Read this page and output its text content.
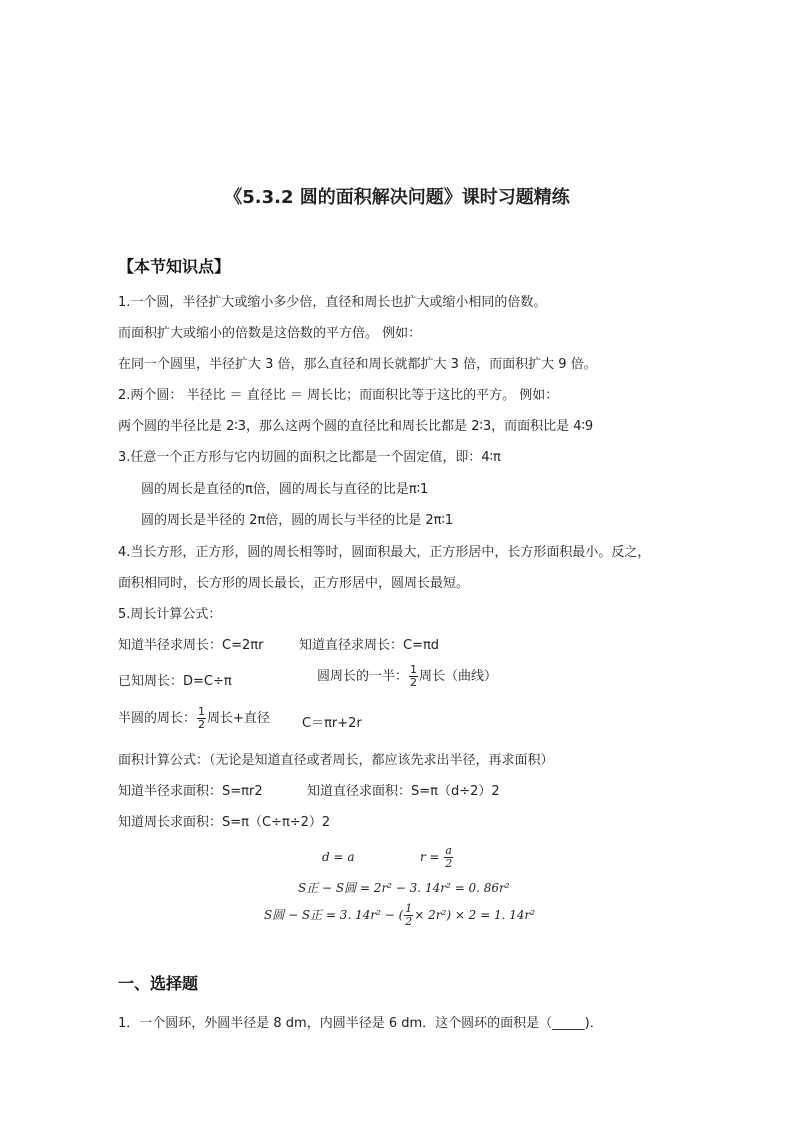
《5.3.2 圆的面积解决问题》课时习题精练
【本节知识点】
1.一个圆，半径扩大或缩小多少倍，直径和周长也扩大或缩小相同的倍数。
而面积扩大或缩小的倍数是这倍数的平方倍。 例如：
在同一个圆里，半径扩大 3 倍，那么直径和周长就都扩大 3 倍，而面积扩大 9 倍。
2.两个圆： 半径比 ＝ 直径比 ＝ 周长比；而面积比等于这比的平方。 例如：
两个圆的半径比是 2∶3，那么这两个圆的直径比和周长比都是 2∶3，而面积比是 4∶9
3.任意一个正方形与它内切圆的面积之比都是一个固定值，即：4∶π
圆的周长是直径的π倍，圆的周长与直径的比是π∶1
圆的周长是半径的 2π倍，圆的周长与半径的比是 2π∶1
4.当长方形，正方形，圆的周长相等时，圆面积最大，正方形居中，长方形面积最小。反之，
面积相同时，长方形的周长最长，正方形居中，圆周长最短。
5.周长计算公式：
知道半径求周长：C=2πr	知道直径求周长：C=πd
已知周长：D=C÷π	圆周长的一半： $\frac{1}{2}$ 周长（曲线）
半圆的周长： $\frac{1}{2}$ 周长+直径 C＝πr+2r
面积计算公式：（无论是知道直径或者周长，都应该先求出半径，再求面积）
知道半径求面积：S=πr2	知道直径求面积：S=π（d÷2）2
知道周长求面积：S=π（C÷π÷2）2
d = a	$r = \frac{a}{2}$
S正 − S圆 = 2r² − 3. 14r² = 0. 86r²
S圆 − S正 = 3. 14r² − ( $\frac{1}{2} \times 2r^2) \times 2 = 1$. 14r²
一、选择题
1．一个圆环，外圆半径是 8 dm，内圆半径是 6 dm．这个圆环的面积是（_____)．
